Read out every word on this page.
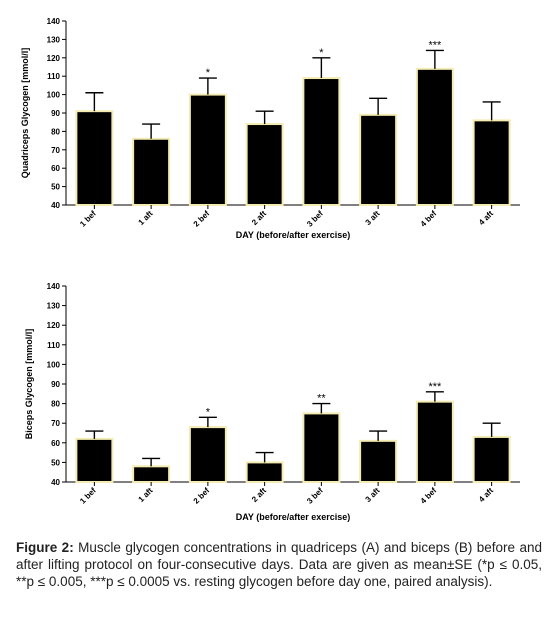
40
50
60
70
80
90
100
110
120
130
140
1 bef	1 aft
*
2 bef	2 aft
*
3 bef	3 aft
***
4 bef	4 aft
DAY (before/after exercise)
Quadriceps Glycogen [mmol/l]
40
50
60
70
80
90
100
110
120
130
140
1 bef	1 aft
*
2 bef	2 aft
**
3 bef	3 aft
***
4 bef	4 aft
DAY (before/after exercise)
Biceps Glycogen [mmol/l]

Figure 2: Muscle glycogen concentrations in quadriceps (A) and biceps (B) before and after lifting protocol on four-consecutive days. Data are given as mean±SE (*p ≤ 0.05, **p ≤ 0.005, ***p ≤ 0.0005 vs. resting glycogen before day one, paired analysis).
